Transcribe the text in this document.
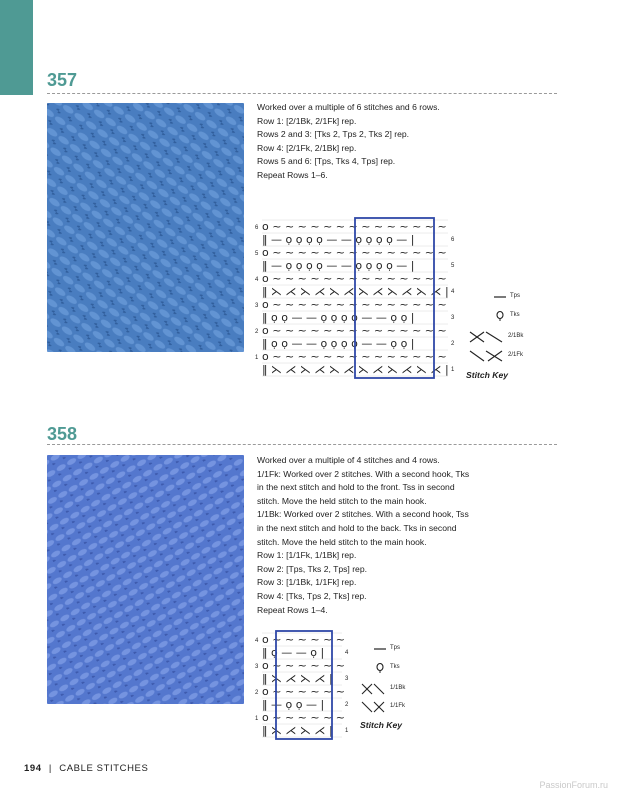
357
Worked over a multiple of 6 stitches and 6 rows.
Row 1: [2/1Bk, 2/1Fk] rep.
Rows 2 and 3: [Tks 2, Tps 2, Tks 2] rep.
Row 4: [2/1Fk, 2/1Bk] rep.
Rows 5 and 6: [Tps, Tks 4, Tps] rep.
Repeat Rows 1–6.
6
5
4
3
2
1
6
5
4
3
2
1
o ~ ~ ~ ~ ~ ~ ~ ~ ~ ~ ~ ~ ~ ~
‖ — ọ ọ ọ ọ — — ọ ọ ọ ọ — |
o ~ ~ ~ ~ ~ ~ ~ ~ ~ ~ ~ ~ ~ ~
‖ — ọ ọ ọ ọ — — ọ ọ ọ ọ — |
o ~ ~ ~ ~ ~ ~ ~ ~ ~ ~ ~ ~ ~ ~
‖ ⋋ ⋌ ⋋ ⋌ ⋋ ⋌ ⋋ ⋌ ⋋ ⋌ ⋋ ⋌ |
o ~ ~ ~ ~ ~ ~ ~ ~ ~ ~ ~ ~ ~ ~
‖ ọ ọ — — ọ ọ ọ ọ — — ọ ọ |
o ~ ~ ~ ~ ~ ~ ~ ~ ~ ~ ~ ~ ~ ~
‖ ọ ọ — — ọ ọ ọ ọ — — ọ ọ |
o ~ ~ ~ ~ ~ ~ ~ ~ ~ ~ ~ ~ ~ ~
‖ ⋋ ⋌ ⋋ ⋌ ⋋ ⋌ ⋋ ⋌ ⋋ ⋌ ⋋ ⋌ |
Tps
Tks
2/1Bk
2/1Fk
Stitch Key
358
Worked over a multiple of 4 stitches and 4 rows.
1/1Fk: Worked over 2 stitches. With a second hook, Tks
in the next stitch and hold to the front. Tss in second
stitch. Move the held stitch to the main hook.
1/1Bk: Worked over 2 stitches. With a second hook, Tss
in the next stitch and hold to the back. Tks in second
stitch. Move the held stitch to the main hook.
Row 1: [1/1Fk, 1/1Bk] rep.
Row 2: [Tps, Tks 2, Tps] rep.
Row 3: [1/1Bk, 1/1Fk] rep.
Row 4: [Tks, Tps 2, Tks] rep.
Repeat Rows 1–4.
4
3
2
1
4
3
2
1
o ~ ~ ~ ~ ~ ~
‖ ọ — — ọ |
o ~ ~ ~ ~ ~ ~
‖ ⋋ ⋌ ⋋ ⋌ |
o ~ ~ ~ ~ ~ ~
‖ — ọ ọ — |
o ~ ~ ~ ~ ~ ~
‖ ⋋ ⋌ ⋋ ⋌ |
Tps
Tks
1/1Bk
1/1Fk
Stitch Key
194 | CABLE STITCHES
PassionForum.ru
